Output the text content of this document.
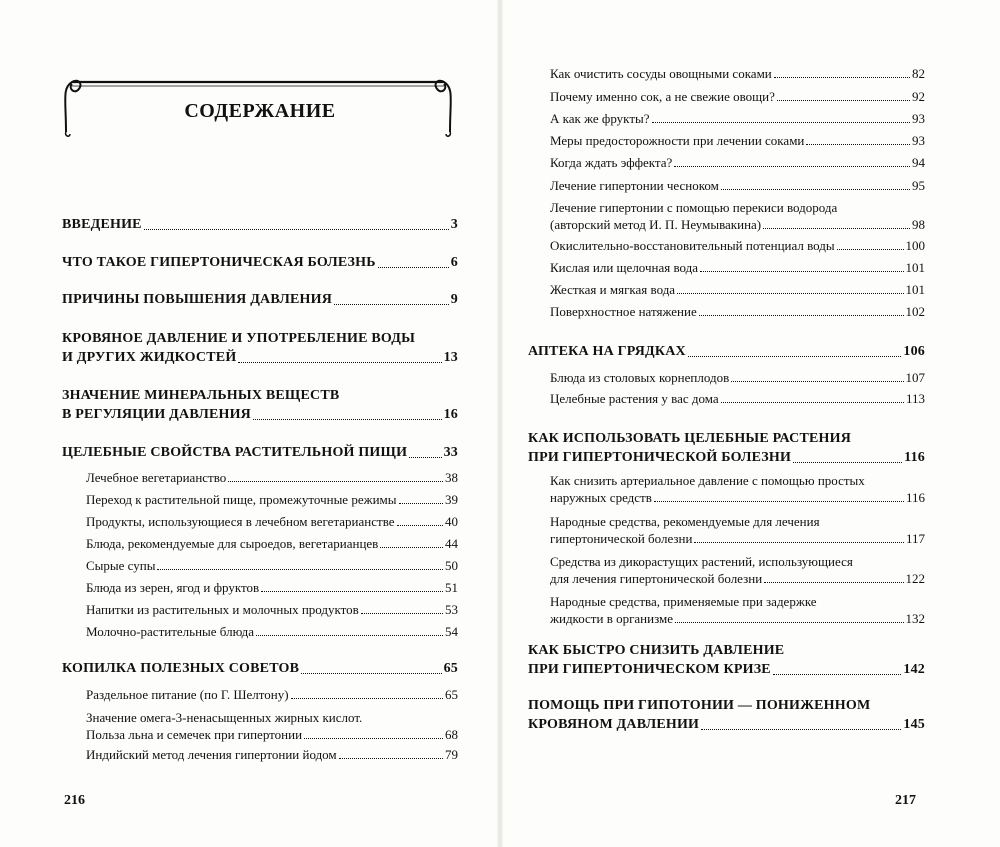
СОДЕРЖАНИЕ
216
ВВЕДЕНИЕ	3
ЧТО ТАКОЕ ГИПЕРТОНИЧЕСКАЯ БОЛЕЗНЬ	6
ПРИЧИНЫ ПОВЫШЕНИЯ ДАВЛЕНИЯ	9
КРОВЯНОЕ ДАВЛЕНИЕ И УПОТРЕБЛЕНИЕ ВОДЫ
И ДРУГИХ ЖИДКОСТЕЙ	13
ЗНАЧЕНИЕ МИНЕРАЛЬНЫХ ВЕЩЕСТВ
В РЕГУЛЯЦИИ ДАВЛЕНИЯ	16
ЦЕЛЕБНЫЕ СВОЙСТВА РАСТИТЕЛЬНОЙ ПИЩИ	33
Лечебное вегетарианство	38
Переход к растительной пище, промежуточные режимы	39
Продукты, использующиеся в лечебном вегетарианстве	40
Блюда, рекомендуемые для сыроедов, вегетарианцев	44
Сырые супы	50
Блюда из зерен, ягод и фруктов	51
Напитки из растительных и молочных продуктов	53
Молочно-растительные блюда	54
КОПИЛКА ПОЛЕЗНЫХ СОВЕТОВ	65
Раздельное питание (по Г. Шелтону)	65
Значение омега-3-ненасыщенных жирных кислот.
Польза льна и семечек при гипертонии	68
Индийский метод лечения гипертонии йодом	79
217
Как очистить сосуды овощными соками	82
Почему именно сок, а не свежие овощи?	92
А как же фрукты?	93
Меры предосторожности при лечении соками	93
Когда ждать эффекта?	94
Лечение гипертонии чесноком	95
Лечение гипертонии с помощью перекиси водорода
(авторский метод И. П. Неумывакина)	98
Окислительно-восстановительный потенциал воды	100
Кислая или щелочная вода	101
Жесткая и мягкая вода	101
Поверхностное натяжение	102
АПТЕКА НА ГРЯДКАХ	106
Блюда из столовых корнеплодов	107
Целебные растения у вас дома	113
КАК ИСПОЛЬЗОВАТЬ ЦЕЛЕБНЫЕ РАСТЕНИЯ
ПРИ ГИПЕРТОНИЧЕСКОЙ БОЛЕЗНИ	116
Как снизить артериальное давление с помощью простых
наружных средств	116
Народные средства, рекомендуемые для лечения
гипертонической болезни	117
Средства из дикорастущих растений, использующиеся
для лечения гипертонической болезни	122
Народные средства, применяемые при задержке
жидкости в организме	132
КАК БЫСТРО СНИЗИТЬ ДАВЛЕНИЕ
ПРИ ГИПЕРТОНИЧЕСКОМ КРИЗЕ	142
ПОМОЩЬ ПРИ ГИПОТОНИИ — ПОНИЖЕННОМ
КРОВЯНОМ ДАВЛЕНИИ	145
